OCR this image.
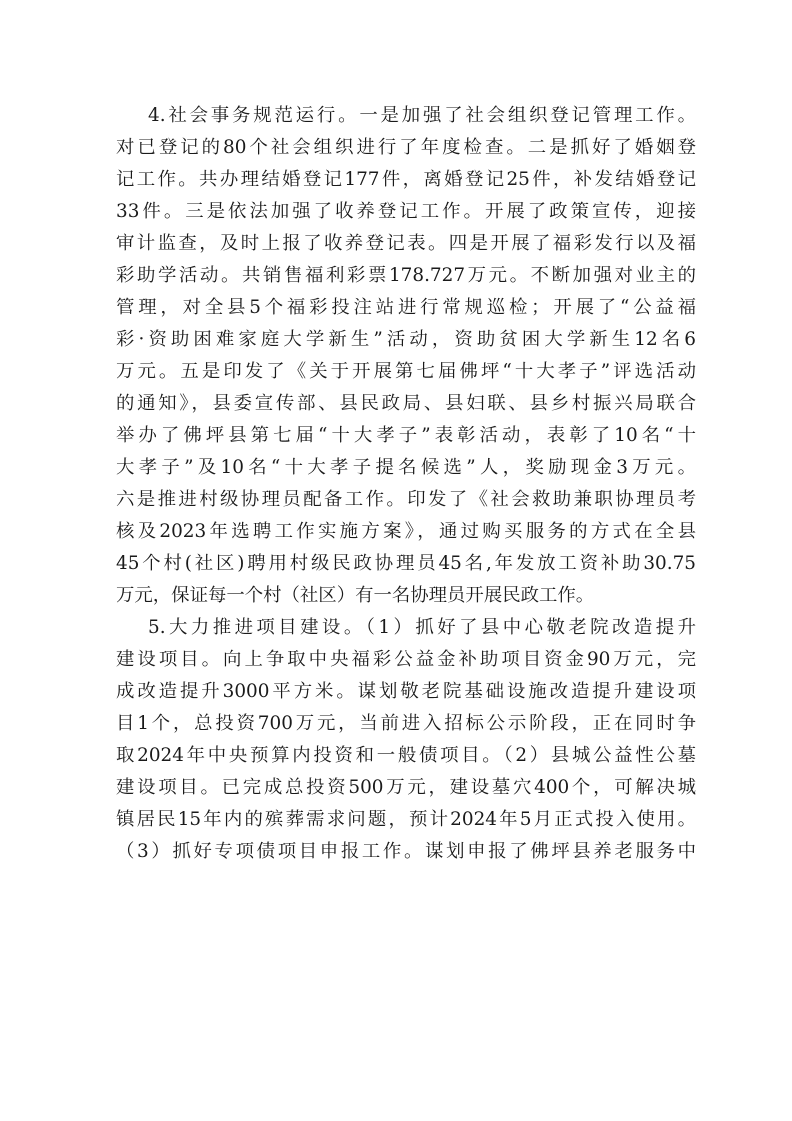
4.社会事务规范运行。一是加强了社会组织登记管理工作。
对已登记的80个社会组织进行了年度检查。二是抓好了婚姻登
记工作。共办理结婚登记177件，离婚登记25件，补发结婚登记
33件。三是依法加强了收养登记工作。开展了政策宣传，迎接
审计监查，及时上报了收养登记表。四是开展了福彩发行以及福
彩助学活动。共销售福利彩票178.727万元。不断加强对业主的
管理，对全县5个福彩投注站进行常规巡检；开展了“公益福
彩·资助困难家庭大学新生”活动，资助贫困大学新生12名6
万元。五是印发了《关于开展第七届佛坪“十大孝子”评选活动
的通知》，县委宣传部、县民政局、县妇联、县乡村振兴局联合
举办了佛坪县第七届“十大孝子”表彰活动，表彰了10名“十
大孝子”及10名“十大孝子提名候选”人，奖励现金3万元。
六是推进村级协理员配备工作。印发了《社会救助兼职协理员考
核及2023年选聘工作实施方案》，通过购买服务的方式在全县
45个村(社区)聘用村级民政协理员45名,年发放工资补助30.75
万元，保证每一个村（社区）有一名协理员开展民政工作。
5.大力推进项目建设。（1）抓好了县中心敬老院改造提升
建设项目。向上争取中央福彩公益金补助项目资金90万元，完
成改造提升3000平方米。谋划敬老院基础设施改造提升建设项
目1个，总投资700万元，当前进入招标公示阶段，正在同时争
取2024年中央预算内投资和一般债项目。（2）县城公益性公墓
建设项目。已完成总投资500万元，建设墓穴400个，可解决城
镇居民15年内的殡葬需求问题，预计2024年5月正式投入使用。
（3）抓好专项债项目申报工作。谋划申报了佛坪县养老服务中
